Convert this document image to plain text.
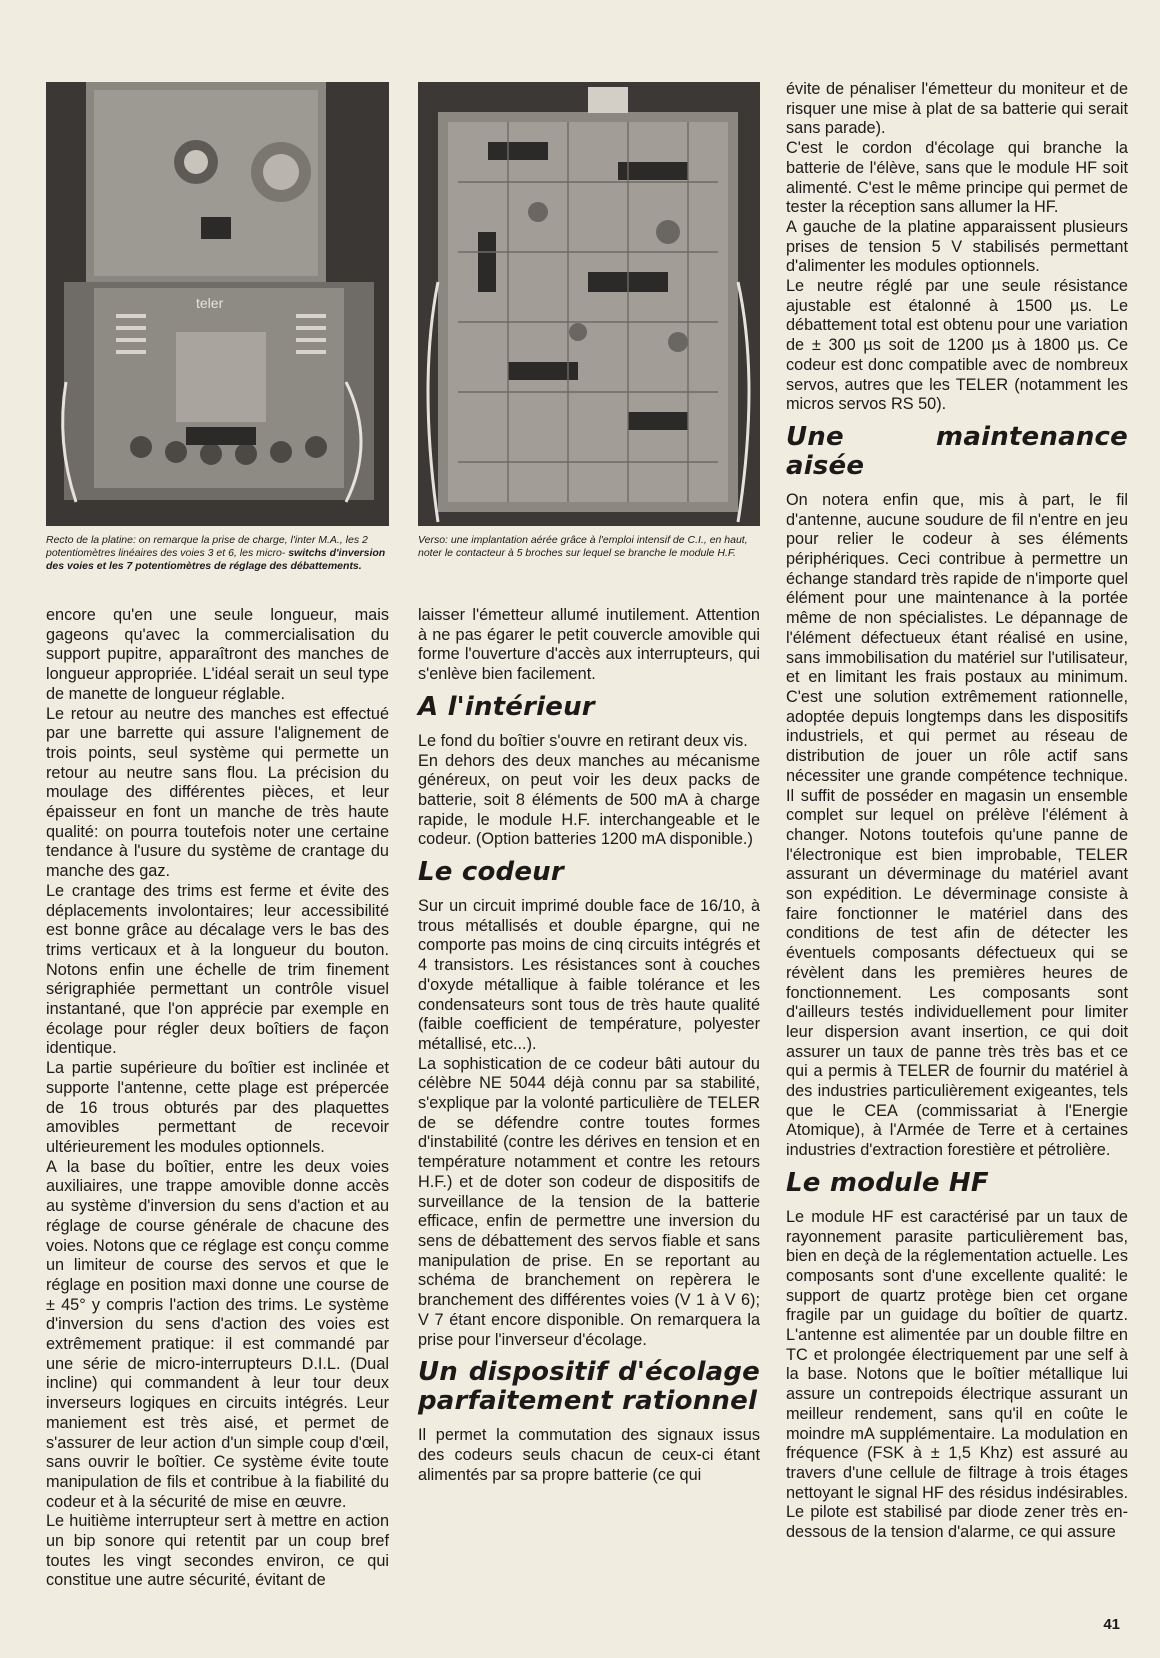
teler
Recto de la platine: on remarque la prise de charge, l'inter M.A., les 2 potentiomètres linéaires des voies 3 et 6, les micro- switchs d'inversion des voies et les 7 potentiomètres de réglage des débattements.
Verso: une implantation aérée grâce à l'emploi intensif de C.I., en haut, noter le contacteur à 5 broches sur lequel se branche le module H.F.

encore qu'en une seule longueur, mais gageons qu'avec la commercialisation du support pupitre, apparaîtront des manches de longueur appropriée. L'idéal serait un seul type de manette de longueur réglable.

Le retour au neutre des manches est effectué par une barrette qui assure l'alignement de trois points, seul système qui permette un retour au neutre sans flou. La précision du moulage des différentes pièces, et leur épaisseur en font un manche de très haute qualité: on pourra toutefois noter une certaine tendance à l'usure du système de crantage du manche des gaz.

Le crantage des trims est ferme et évite des déplacements involontaires; leur accessibilité est bonne grâce au décalage vers le bas des trims verticaux et à la longueur du bouton. Notons enfin une échelle de trim finement sérigraphiée permettant un contrôle visuel instantané, que l'on apprécie par exemple en écolage pour régler deux boîtiers de façon identique.

La partie supérieure du boîtier est inclinée et supporte l'antenne, cette plage est prépercée de 16 trous obturés par des plaquettes amovibles permettant de recevoir ultérieurement les modules optionnels.

A la base du boîtier, entre les deux voies auxiliaires, une trappe amovible donne accès au système d'inversion du sens d'action et au réglage de course générale de chacune des voies. Notons que ce réglage est conçu comme un limiteur de course des servos et que le réglage en position maxi donne une course de ± 45° y compris l'action des trims. Le système d'inversion du sens d'action des voies est extrêmement pratique: il est commandé par une série de micro-interrupteurs D.I.L. (Dual incline) qui commandent à leur tour deux inverseurs logiques en circuits intégrés. Leur maniement est très aisé, et permet de s'assurer de leur action d'un simple coup d'œil, sans ouvrir le boîtier. Ce système évite toute manipulation de fils et contribue à la fiabilité du codeur et à la sécurité de mise en œuvre.

Le huitième interrupteur sert à mettre en action un bip sonore qui retentit par un coup bref toutes les vingt secondes environ, ce qui constitue une autre sécurité, évitant de

laisser l'émetteur allumé inutilement. Attention à ne pas égarer le petit couvercle amovible qui forme l'ouverture d'accès aux interrupteurs, qui s'enlève bien facilement.

A l'intérieur

Le fond du boîtier s'ouvre en retirant deux vis.

En dehors des deux manches au mécanisme généreux, on peut voir les deux packs de batterie, soit 8 éléments de 500 mA à charge rapide, le module H.F. interchangeable et le codeur. (Option batteries 1200 mA disponible.)

Le codeur

Sur un circuit imprimé double face de 16/10, à trous métallisés et double épargne, qui ne comporte pas moins de cinq circuits intégrés et 4 transistors. Les résistances sont à couches d'oxyde métallique à faible tolérance et les condensateurs sont tous de très haute qualité (faible coefficient de température, polyester métallisé, etc...).

La sophistication de ce codeur bâti autour du célèbre NE 5044 déjà connu par sa stabilité, s'explique par la volonté particulière de TELER de se défendre contre toutes formes d'instabilité (contre les dérives en tension et en température notamment et contre les retours H.F.) et de doter son codeur de dispositifs de surveillance de la tension de la batterie efficace, enfin de permettre une inversion du sens de débattement des servos fiable et sans manipulation de prise. En se reportant au schéma de branchement on repèrera le branchement des différentes voies (V 1 à V 6); V 7 étant encore disponible. On remarquera la prise pour l'inverseur d'écolage.

Un dispositif d'écolage parfaitement rationnel

Il permet la commutation des signaux issus des codeurs seuls chacun de ceux-ci étant alimentés par sa propre batterie (ce qui

évite de pénaliser l'émetteur du moniteur et de risquer une mise à plat de sa batterie qui serait sans parade).

C'est le cordon d'écolage qui branche la batterie de l'élève, sans que le module HF soit alimenté. C'est le même principe qui permet de tester la réception sans allumer la HF.

A gauche de la platine apparaissent plusieurs prises de tension 5 V stabilisés permettant d'alimenter les modules optionnels.

Le neutre réglé par une seule résistance ajustable est étalonné à 1500 µs. Le débattement total est obtenu pour une variation de ± 300 µs soit de 1200 µs à 1800 µs. Ce codeur est donc compatible avec de nombreux servos, autres que les TELER (notamment les micros servos RS 50).

Une maintenance aisée

On notera enfin que, mis à part, le fil d'antenne, aucune soudure de fil n'entre en jeu pour relier le codeur à ses éléments périphériques. Ceci contribue à permettre un échange standard très rapide de n'importe quel élément pour une maintenance à la portée même de non spécialistes. Le dépannage de l'élément défectueux étant réalisé en usine, sans immobilisation du matériel sur l'utilisateur, et en limitant les frais postaux au minimum. C'est une solution extrêmement rationnelle, adoptée depuis longtemps dans les dispositifs industriels, et qui permet au réseau de distribution de jouer un rôle actif sans nécessiter une grande compétence technique. Il suffit de posséder en magasin un ensemble complet sur lequel on prélève l'élément à changer. Notons toutefois qu'une panne de l'électronique est bien improbable, TELER assurant un déverminage du matériel avant son expédition. Le déverminage consiste à faire fonctionner le matériel dans des conditions de test afin de détecter les éventuels composants défectueux qui se révèlent dans les premières heures de fonctionnement. Les composants sont d'ailleurs testés individuellement pour limiter leur dispersion avant insertion, ce qui doit assurer un taux de panne très très bas et ce qui a permis à TELER de fournir du matériel à des industries particulièrement exigeantes, tels que le CEA (commissariat à l'Energie Atomique), à l'Armée de Terre et à certaines industries d'extraction forestière et pétrolière.

Le module HF

Le module HF est caractérisé par un taux de rayonnement parasite particulièrement bas, bien en deçà de la réglementation actuelle. Les composants sont d'une excellente qualité: le support de quartz protège bien cet organe fragile par un guidage du boîtier de quartz. L'antenne est alimentée par un double filtre en TC et prolongée électriquement par une self à la base. Notons que le boîtier métallique lui assure un contrepoids électrique assurant un meilleur rendement, sans qu'il en coûte le moindre mA supplémentaire. La modulation en fréquence (FSK à ± 1,5 Khz) est assuré au travers d'une cellule de filtrage à trois étages nettoyant le signal HF des résidus indésirables. Le pilote est stabilisé par diode zener très en-dessous de la tension d'alarme, ce qui assure

41
